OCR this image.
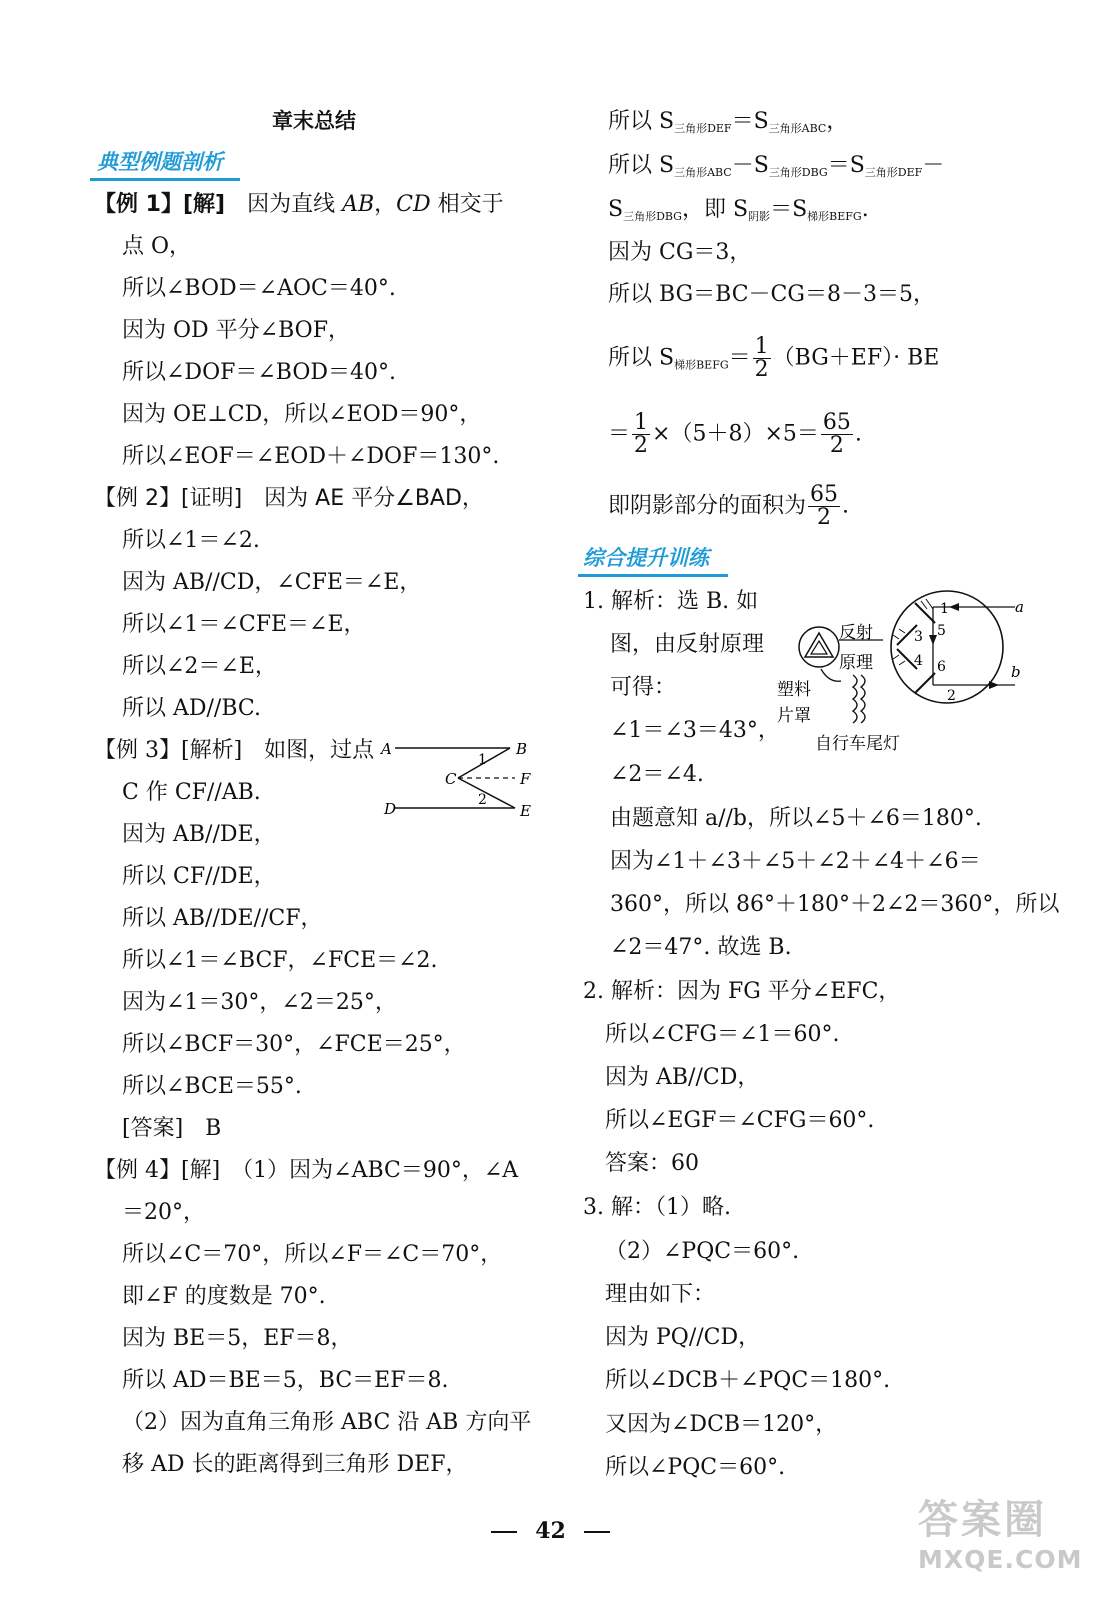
章末总结
典型例题剖析
【例 1】[解]　因为直线 AB，CD 相交于
点 O，
所以∠BOD＝∠AOC＝40°.
因为 OD 平分∠BOF，
所以∠DOF＝∠BOD＝40°.
因为 OE⊥CD，所以∠EOD＝90°，
所以∠EOF＝∠EOD＋∠DOF＝130°.
【例 2】[证明]　因为 AE 平分∠BAD，
所以∠1＝∠2.
因为 AB//CD，∠CFE＝∠E，
所以∠1＝∠CFE＝∠E，
所以∠2＝∠E，
所以 AD//BC.
【例 3】[解析]　如图，过点
C 作 CF//AB.
因为 AB//DE，
所以 CF//DE，
所以 AB//DE//CF，
所以∠1＝∠BCF，∠FCE＝∠2.
因为∠1＝30°，∠2＝25°，
所以∠BCF＝30°，∠FCE＝25°，
所以∠BCE＝55°.
[答案]　B
【例 4】[解]　（1）因为∠ABC＝90°，∠A
＝20°，
所以∠C＝70°，所以∠F＝∠C＝70°，
即∠F 的度数是 70°.
因为 BE＝5，EF＝8，
所以 AD＝BE＝5，BC＝EF＝8.
（2）因为直角三角形 ABC 沿 AB 方向平
移 AD 长的距离得到三角形 DEF，
A	B
C	F
D	E
1
2
所以 $S_{三角形DEF}=S_{三角形ABC}$，
所以 $S_{三角形ABC}-S_{三角形DBG}=S_{三角形DEF}-$
$S_{三角形DBG}$，即 $S_{阴影}=S_{梯形BEFG}$.
因为 CG＝3，
所以 BG＝BC－CG＝8－3＝5，
所以 $S_{梯形BEFG}= \frac{1}{2} (BG+EF)\cdot$ BE
＝ $\frac{1}{2} \times(5+8)\times 5= \frac{65}{2}$ .
即阴影部分的面积为 $\frac{65}{2}$ .
综合提升训练
1. 解析：选 B. 如
图，由反射原理
可得：
∠1＝∠3＝43°，
∠2＝∠4.
由题意知 a//b，所以∠5＋∠6＝180°.
因为∠1＋∠3＋∠5＋∠2＋∠4＋∠6＝
360°，所以 86°＋180°＋2∠2＝360°，所以
∠2＝47°. 故选 B.
a
b
1
2
3
4
5
6
反射
原理
塑料
片罩
自行车尾灯
2. 解析：因为 FG 平分∠EFC，
所以∠CFG＝∠1＝60°.
因为 AB//CD，
所以∠EGF＝∠CFG＝60°.
答案：60
3. 解：（1）略.
（2）∠PQC＝60°.
理由如下：
因为 PQ//CD，
所以∠DCB＋∠PQC＝180°.
又因为∠DCB＝120°，
所以∠PQC＝60°.
42	答案圈
MXQE.COM
